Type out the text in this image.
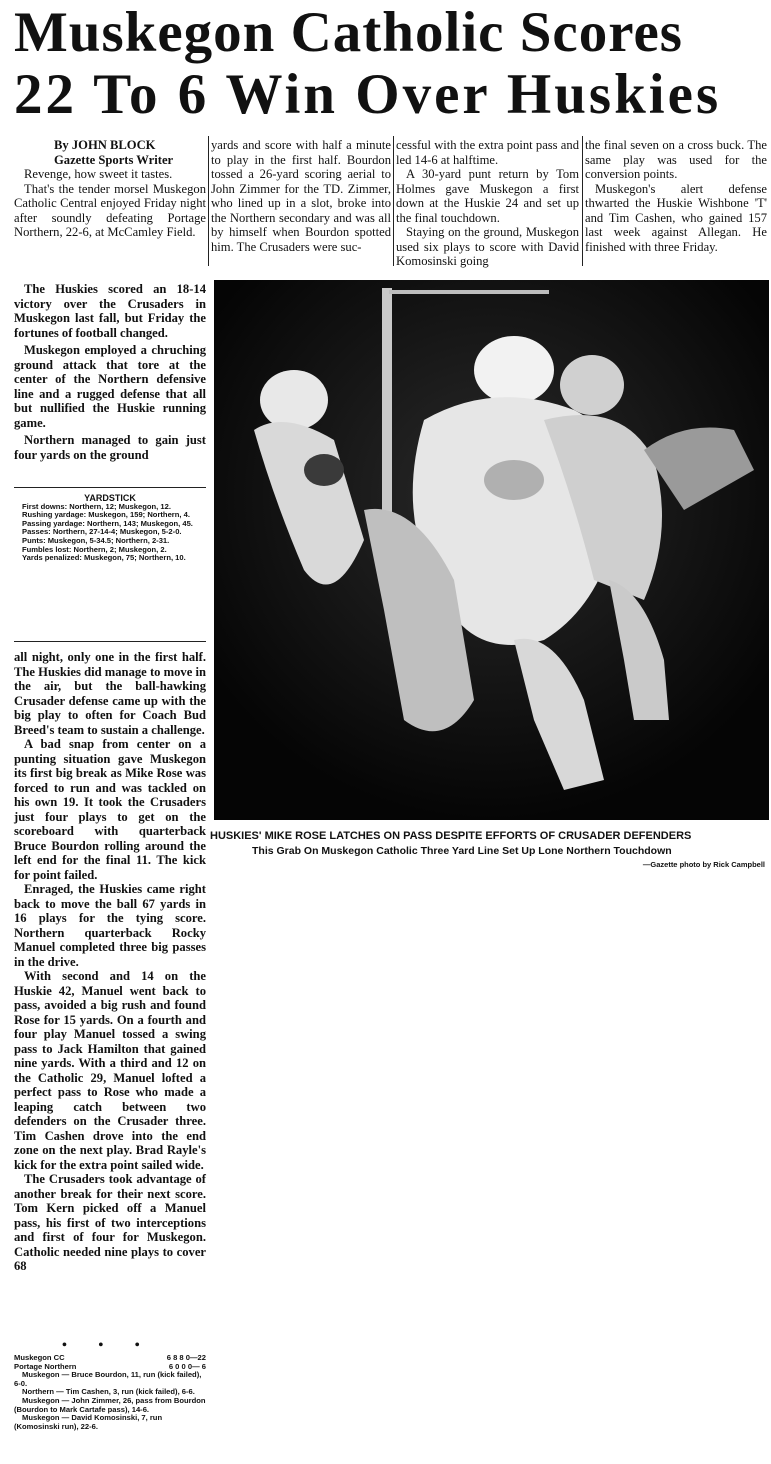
Muskegon Catholic Scores
22 To 6 Win Over Huskies

By JOHN BLOCK

Gazette Sports Writer

Revenge, how sweet it tastes.

That's the tender morsel Muskegon Catholic Central enjoyed Friday night after soundly defeating Portage Northern, 22-6, at McCamley Field.

The Huskies scored an 18-14 victory over the Crusaders in Muskegon last fall, but Friday the fortunes of football changed.

Muskegon employed a chruching ground attack that tore at the center of the Northern defensive line and a rugged defense that all but nullified the Huskie running game.

Northern managed to gain just four yards on the ground

YARDSTICK
First downs: Northern, 12; Muskegon, 12.
Rushing yardage: Muskegon, 159; Northern, 4.
Passing yardage: Northern, 143; Muskegon, 45.
Passes: Northern, 27-14-4; Muskegon, 5-2-0.
Punts: Muskegon, 5-34.5; Northern, 2-31.
Fumbles lost: Northern, 2; Muskegon, 2.
Yards penalized: Muskegon, 75; Northern, 10.

all night, only one in the first half. The Huskies did manage to move in the air, but the ball-hawking Crusader defense came up with the big play to often for Coach Bud Breed's team to sustain a challenge.

A bad snap from center on a punting situation gave Muskegon its first big break as Mike Rose was forced to run and was tackled on his own 19. It took the Crusaders just four plays to get on the scoreboard with quarterback Bruce Bourdon rolling around the left end for the final 11. The kick for point failed.

Enraged, the Huskies came right back to move the ball 67 yards in 16 plays for the tying score. Northern quarterback Rocky Manuel completed three big passes in the drive.

With second and 14 on the Huskie 42, Manuel went back to pass, avoided a big rush and found Rose for 15 yards. On a fourth and four play Manuel tossed a swing pass to Jack Hamilton that gained nine yards. With a third and 12 on the Catholic 29, Manuel lofted a perfect pass to Rose who made a leaping catch between two defenders on the Crusader three. Tim Cashen drove into the end zone on the next play. Brad Rayle's kick for the extra point sailed wide.

The Crusaders took advantage of another break for their next score. Tom Kern picked off a Manuel pass, his first of two interceptions and first of four for Muskegon. Catholic needed nine plays to cover 68

yards and score with half a minute to play in the first half. Bourdon tossed a 26-yard scoring aerial to John Zimmer for the TD. Zimmer, who lined up in a slot, broke into the Northern secondary and was all by himself when Bourdon spotted him. The Crusaders were suc-

cessful with the extra point pass and led 14-6 at halftime.

A 30-yard punt return by Tom Holmes gave Muskegon a first down at the Huskie 24 and set up the final touchdown.

Staying on the ground, Muskegon used six plays to score with David Komosinski going

the final seven on a cross buck. The same play was used for the conversion points.

Muskegon's alert defense thwarted the Huskie Wishbone 'T' and Tim Cashen, who gained 157 last week against Allegan. He finished with three Friday.

HUSKIES' MIKE ROSE LATCHES ON PASS DESPITE EFFORTS OF CRUSADER DEFENDERS
This Grab On Muskegon Catholic Three Yard Line Set Up Lone Northern Touchdown
—Gazette photo by Rick Campbell
• • •
Muskegon CC	6 8 8 0—22
Portage Northern	6 0 0 0— 6
Muskegon — Bruce Bourdon, 11, run (kick failed), 6-0.
Northern — Tim Cashen, 3, run (kick failed), 6-6.
Muskegon — John Zimmer, 26, pass from Bourdon (Bourdon to Mark Cartafe pass), 14-6.
Muskegon — David Komosinski, 7, run (Komosinski run), 22-6.
